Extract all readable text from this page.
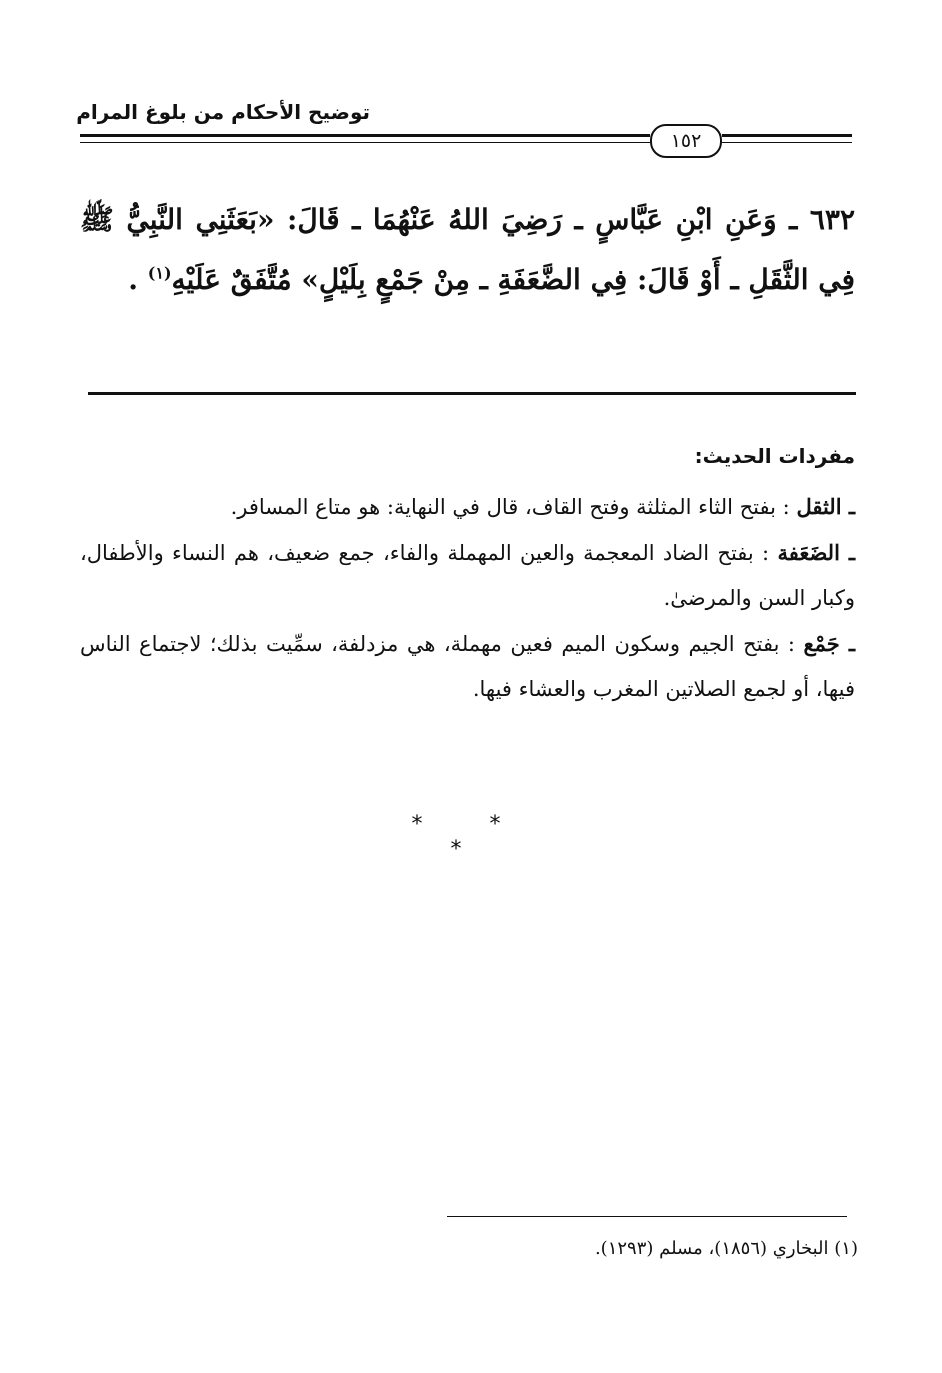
توضيح الأحكام من بلوغ المرام
١٥٢
٦٣٢ ـ وَعَنِ ابْنِ عَبَّاسٍ ـ رَضِيَ اللهُ عَنْهُمَا ـ قَالَ: «بَعَثَنِي النَّبِيُّ ﷺ فِي الثَّقَلِ ـ أَوْ قَالَ: فِي الضَّعَفَةِ ـ مِنْ جَمْعٍ بِلَيْلٍ» مُتَّفَقٌ عَلَيْهِ$^{(١)}$ .
مفردات الحديث:

ـ الثقل : بفتح الثاء المثلثة وفتح القاف، قال في النهاية: هو متاع المسافر.

ـ الضَعَفة : بفتح الضاد المعجمة والعين المهملة والفاء، جمع ضعيف، هم النساء والأطفال، وكبار السن والمرضىٰ.

ـ جَمْع : بفتح الجيم وسكون الميم فعين مهملة، هي مزدلفة، سمِّيت بذلك؛ لاجتماع الناس فيها، أو لجمع الصلاتين المغرب والعشاء فيها.

* * *
(١) البخاري (١٨٥٦)، مسلم (١٢٩٣).
